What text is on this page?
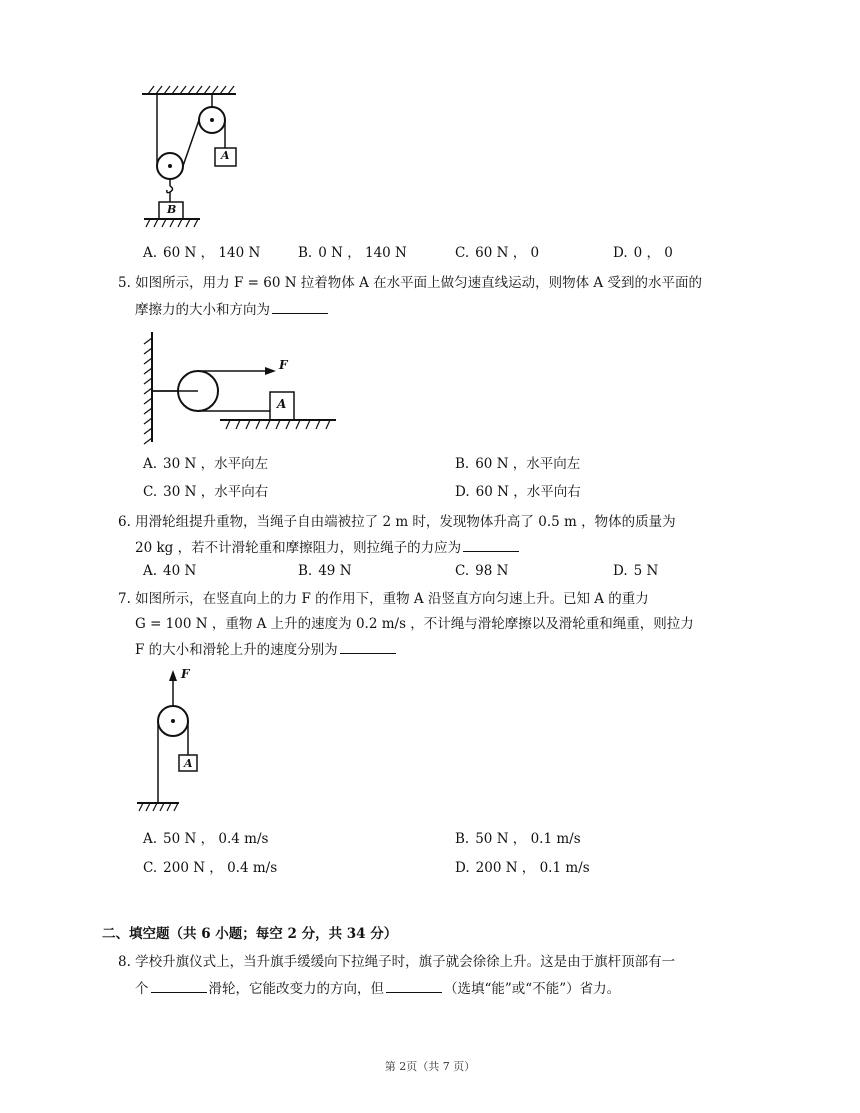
A
B
A. 60 N ， 140 N	B. 0 N ， 140 N	C. 60 N ， 0	D. 0 ， 0
5. 如图所示，用力 F = 60 N 拉着物体 A 在水平面上做匀速直线运动，则物体 A 受到的水平面的
摩擦力的大小和方向为
F
A
A. 30 N ，水平向左	B. 60 N ，水平向左
C. 30 N ，水平向右	D. 60 N ，水平向右
6. 用滑轮组提升重物，当绳子自由端被拉了 2 m 时，发现物体升高了 0.5 m ，物体的质量为
20 kg ，若不计滑轮重和摩擦阻力，则拉绳子的力应为
A. 40 N	B. 49 N	C. 98 N	D. 5 N
7. 如图所示，在竖直向上的力 F 的作用下，重物 A 沿竖直方向匀速上升。已知 A 的重力
G = 100 N ，重物 A 上升的速度为 0.2 m/s ，不计绳与滑轮摩擦以及滑轮重和绳重，则拉力
F 的大小和滑轮上升的速度分别为
F
A
A. 50 N ， 0.4 m/s	B. 50 N ， 0.1 m/s
C. 200 N ， 0.4 m/s	D. 200 N ， 0.1 m/s
二、填空题（共 6 小题；每空 2 分，共 34 分）
8. 学校升旗仪式上，当升旗手缓缓向下拉绳子时，旗子就会徐徐上升。这是由于旗杆顶部有一
个	滑轮，它能改变力的方向，但	（选填“能”或“不能”）省力。
第 2页（共 7 页）
